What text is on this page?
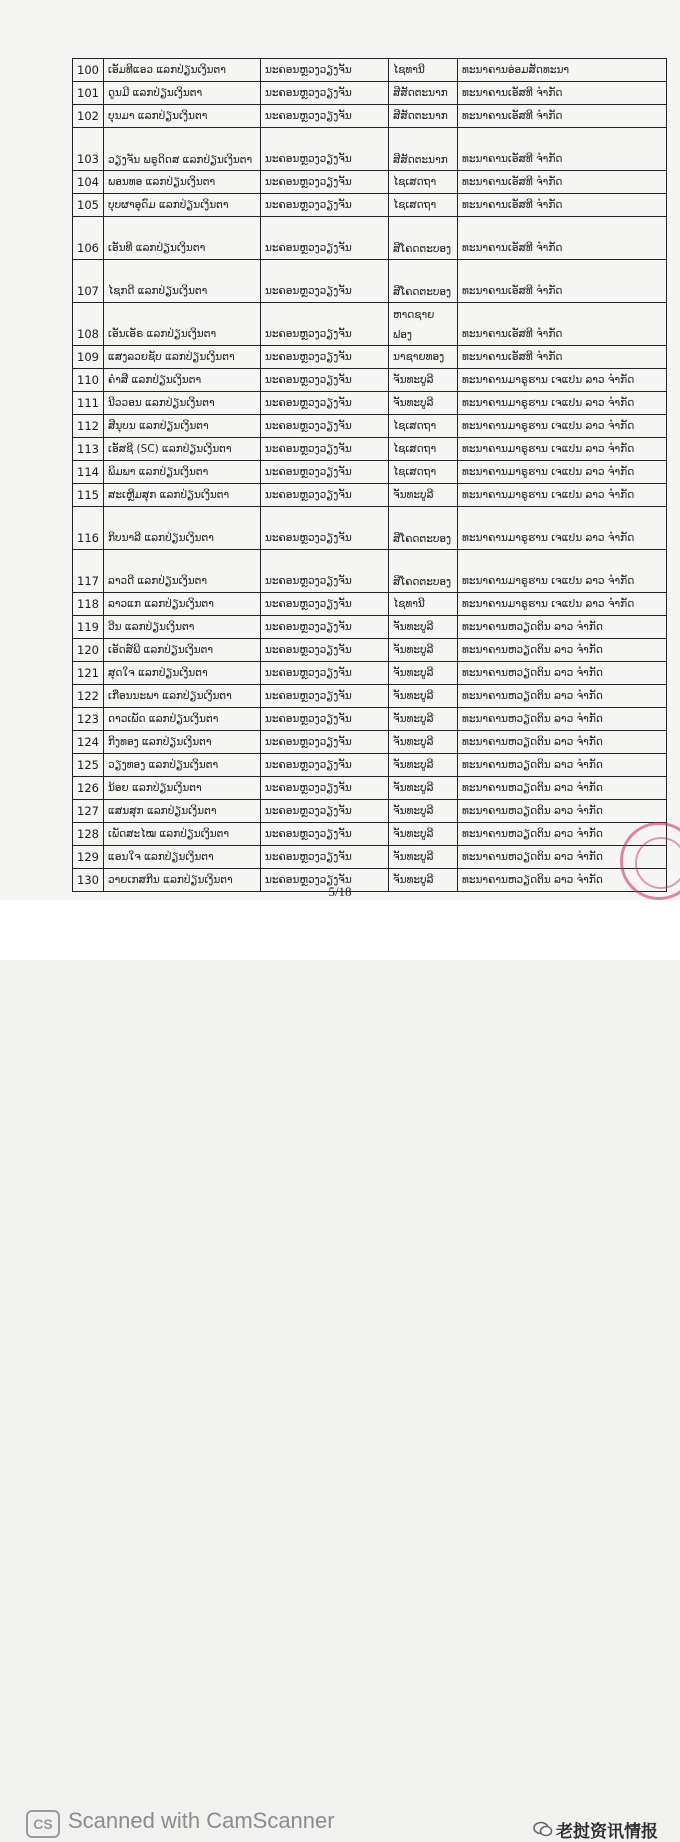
100	ເອັມທີແອວ ແລກປ່ຽນເງິນຕາ	ນະຄອນຫຼວງວຽງຈັນ	ໄຊທານີ	ທະນາຄານອ່ອມສັດທະນາ
101	ດູນມີ ແລກປ່ຽນເງິນຕາ	ນະຄອນຫຼວງວຽງຈັນ	ສີສັດຕະນາກ	ທະນາຄານເອັສທີ ຈຳກັດ
102	ບຸນມາ ແລກປ່ຽນເງິນຕາ	ນະຄອນຫຼວງວຽງຈັນ	ສີສັດຕະນາກ	ທະນາຄານເອັສທີ ຈຳກັດ
103	ວຽງຈັນ ພຣູດິດສ ແລກປ່ຽນເງິນຕາ	ນະຄອນຫຼວງວຽງຈັນ	ສີສັດຕະນາກ	ທະນາຄານເອັສທີ ຈຳກັດ
104	ພອນທອ ແລກປ່ຽນເງິນຕາ	ນະຄອນຫຼວງວຽງຈັນ	ໄຊເສດຖາ	ທະນາຄານເອັສທີ ຈຳກັດ
105	ບຸບຜາອຸດົມ ແລກປ່ຽນເງິນຕາ	ນະຄອນຫຼວງວຽງຈັນ	ໄຊເສດຖາ	ທະນາຄານເອັສທີ ຈຳກັດ
106	ເອັນທີ ແລກປ່ຽນເງິນຕາ	ນະຄອນຫຼວງວຽງຈັນ	ສີໂຄດຕະບອງ	ທະນາຄານເອັສທີ ຈຳກັດ
107	ໄຊກດີ ແລກປ່ຽນເງິນຕາ	ນະຄອນຫຼວງວຽງຈັນ	ສີໂຄດຕະບອງ	ທະນາຄານເອັສທີ ຈຳກັດ
108	ເອັນເອັຣ ແລກປ່ຽນເງິນຕາ	ນະຄອນຫຼວງວຽງຈັນ	ຫາດຊາຍຟອງ	ທະນາຄານເອັສທີ ຈຳກັດ
109	ແສງລວຍຊັບ ແລກປ່ຽນເງິນຕາ	ນະຄອນຫຼວງວຽງຈັນ	ນາຊາຍທອງ	ທະນາຄານເອັສທີ ຈຳກັດ
110	ຄຳສີ ແລກປ່ຽນເງິນຕາ	ນະຄອນຫຼວງວຽງຈັນ	ຈັນທະບູລີ	ທະນາຄານມາຣູຮານ ເຈແປນ ລາວ ຈຳກັດ
111	ນີວວອນ ແລກປ່ຽນເງິນຕາ	ນະຄອນຫຼວງວຽງຈັນ	ຈັນທະບູລີ	ທະນາຄານມາຣູຮານ ເຈແປນ ລາວ ຈຳກັດ
112	ສີນຸບນ ແລກປ່ຽນເງິນຕາ	ນະຄອນຫຼວງວຽງຈັນ	ໄຊເສດຖາ	ທະນາຄານມາຣູຮານ ເຈແປນ ລາວ ຈຳກັດ
113	ເອັສຊີ (SC) ແລກປ່ຽນເງິນຕາ	ນະຄອນຫຼວງວຽງຈັນ	ໄຊເສດຖາ	ທະນາຄານມາຣູຮານ ເຈແປນ ລາວ ຈຳກັດ
114	ພິມພາ ແລກປ່ຽນເງິນຕາ	ນະຄອນຫຼວງວຽງຈັນ	ໄຊເສດຖາ	ທະນາຄານມາຣູຮານ ເຈແປນ ລາວ ຈຳກັດ
115	ສະເຫຼີມສຸກ ແລກປ່ຽນເງິນຕາ	ນະຄອນຫຼວງວຽງຈັນ	ຈັນທະບູລີ	ທະນາຄານມາຣູຮານ ເຈແປນ ລາວ ຈຳກັດ
116	ກິບນາລີ ແລກປ່ຽນເງິນຕາ	ນະຄອນຫຼວງວຽງຈັນ	ສີໂຄດຕະບອງ	ທະນາຄານມາຣູຮານ ເຈແປນ ລາວ ຈຳກັດ
117	ລາວດີ ແລກປ່ຽນເງິນຕາ	ນະຄອນຫຼວງວຽງຈັນ	ສີໂຄດຕະບອງ	ທະນາຄານມາຣູຮານ ເຈແປນ ລາວ ຈຳກັດ
118	ລາວແກ ແລກປ່ຽນເງິນຕາ	ນະຄອນຫຼວງວຽງຈັນ	ໄຊທານີ	ທະນາຄານມາຣູຮານ ເຈແປນ ລາວ ຈຳກັດ
119	ວີນ ແລກປ່ຽນເງິນຕາ	ນະຄອນຫຼວງວຽງຈັນ	ຈັນທະບູລີ	ທະນາຄານຫວຽດຕິນ ລາວ ຈຳກັດ
120	ເອັດສ໌ພີ ແລກປ່ຽນເງິນຕາ	ນະຄອນຫຼວງວຽງຈັນ	ຈັນທະບູລີ	ທະນາຄານຫວຽດຕິນ ລາວ ຈຳກັດ
121	ສຸດໃຈ ແລກປ່ຽນເງິນຕາ	ນະຄອນຫຼວງວຽງຈັນ	ຈັນທະບູລີ	ທະນາຄານຫວຽດຕິນ ລາວ ຈຳກັດ
122	ເກືອນນະພາ ແລກປ່ຽນເງິນຕາ	ນະຄອນຫຼວງວຽງຈັນ	ຈັນທະບູລີ	ທະນາຄານຫວຽດຕິນ ລາວ ຈຳກັດ
123	ດາວເພັດ ແລກປ່ຽນເງິນຕາ	ນະຄອນຫຼວງວຽງຈັນ	ຈັນທະບູລີ	ທະນາຄານຫວຽດຕິນ ລາວ ຈຳກັດ
124	ກິງທອງ ແລກປ່ຽນເງິນຕາ	ນະຄອນຫຼວງວຽງຈັນ	ຈັນທະບູລີ	ທະນາຄານຫວຽດຕິນ ລາວ ຈຳກັດ
125	ວຽງທອງ ແລກປ່ຽນເງິນຕາ	ນະຄອນຫຼວງວຽງຈັນ	ຈັນທະບູລີ	ທະນາຄານຫວຽດຕິນ ລາວ ຈຳກັດ
126	ນ້ອຍ ແລກປ່ຽນເງິນຕາ	ນະຄອນຫຼວງວຽງຈັນ	ຈັນທະບູລີ	ທະນາຄານຫວຽດຕິນ ລາວ ຈຳກັດ
127	ແສນສຸກ ແລກປ່ຽນເງິນຕາ	ນະຄອນຫຼວງວຽງຈັນ	ຈັນທະບູລີ	ທະນາຄານຫວຽດຕິນ ລາວ ຈຳກັດ
128	ເພັດສະໄໝ ແລກປ່ຽນເງິນຕາ	ນະຄອນຫຼວງວຽງຈັນ	ຈັນທະບູລີ	ທະນາຄານຫວຽດຕິນ ລາວ ຈຳກັດ
129	ແອນໃຈ ແລກປ່ຽນເງິນຕາ	ນະຄອນຫຼວງວຽງຈັນ	ຈັນທະບູລີ	ທະນາຄານຫວຽດຕິນ ລາວ ຈຳກັດ
130	ວາຍເກສກີນ ແລກປ່ຽນເງິນຕາ	ນະຄອນຫຼວງວຽງຈັນ	ຈັນທະບູລີ	ທະນາຄານຫວຽດຕິນ ລາວ ຈຳກັດ
5/18
CS Scanned with CamScanner	老挝资讯情报
